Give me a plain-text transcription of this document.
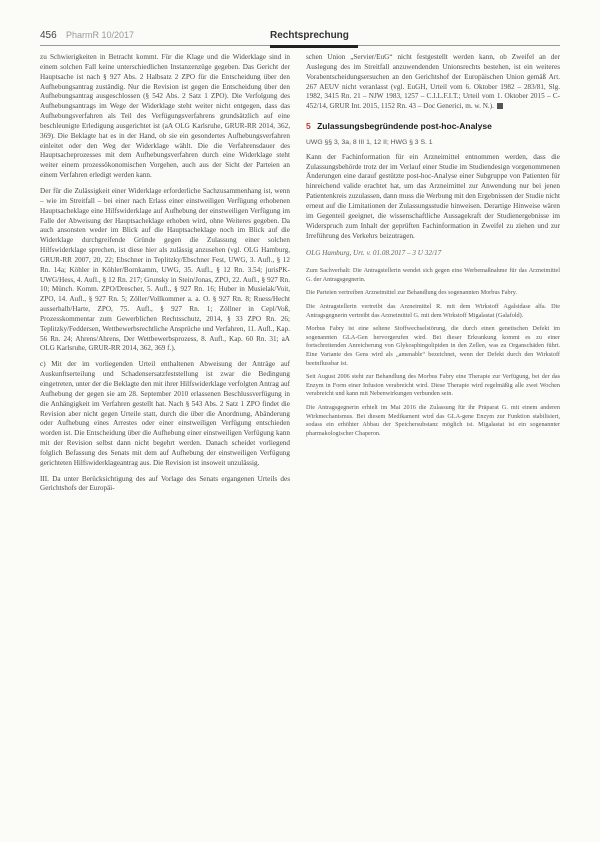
456 PharmR 10/2017	Rechtsprechung

zu Schwierigkeiten in Betracht kommt. Für die Klage und die Widerklage sind in einem solchen Fall keine unterschiedlichen Instanzenzüge gegeben. Das Gericht der Hauptsache ist nach § 927 Abs. 2 Halbsatz 2 ZPO für die Entscheidung über den Aufhebungsantrag zuständig. Nur die Revision ist gegen die Entscheidung über den Aufhebungsantrag ausgeschlossen (§ 542 Abs. 2 Satz 1 ZPO). Die Verfolgung des Aufhebungsantrags im Wege der Widerklage steht weiter nicht entgegen, dass das Aufhebungsverfahren als Teil des Verfügungsverfahrens grundsätzlich auf eine beschleunigte Erledigung ausgerichtet ist (aA OLG Karlsruhe, GRUR-RR 2014, 362, 369). Die Beklagte hat es in der Hand, ob sie ein gesondertes Aufhebungsverfahren einleitet oder den Weg der Widerklage wählt. Die die Verfahrensdauer des Hauptsacheprozesses mit dem Aufhebungsverfahren durch eine Widerklage steht weiter einem prozessökonomischen Vorgehen, auch aus der Sicht der Parteien an einem Verfahren erledigt werden kann.

Der für die Zulässigkeit einer Widerklage erforderliche Sachzusammenhang ist, wenn – wie im Streitfall – bei einer nach Erlass einer einstweiligen Verfügung erhobenen Hauptsacheklage eine Hilfswiderklage auf Aufhebung der einstweiligen Verfügung im Falle der Abweisung der Hauptsacheklage erhoben wird, ohne Weiteres gegeben. Da auch ansonsten weder im Blick auf die Hauptsacheklage noch im Blick auf die Widerklage durchgreifende Gründe gegen die Zulassung einer solchen Hilfswiderklage sprechen, ist diese hier als zulässig anzusehen (vgl. OLG Hamburg, GRUR-RR 2007, 20, 22; Ebschner in Teplitzky/Ebschner Fest, UWG, 3. Aufl., § 12 Rn. 14a; Köhler in Köhler/Bornkamm, UWG, 35. Aufl., § 12 Rn. 3.54; jurisPK-UWG/Hess, 4. Aufl., § 12 Rn. 217; Grunsky in Stein/Jonas, ZPO, 22. Aufl., § 927 Rn. 10; Münch. Komm. ZPO/Drescher, 5. Aufl., § 927 Rn. 16; Huber in Musielak/Voit, ZPO, 14. Aufl., § 927 Rn. 5; Zöller/Vollkommer a. a. O. § 927 Rn. 8; Ruess/Hecht ausserhalb/Harte, ZPO, 75. Aufl., § 927 Rn. 1; Zöllner in Cepl/Voß, Prozesskommentar zum Gewerblichen Rechtsschutz, 2014, § 33 ZPO Rn. 26; Teplitzky/Feddersen, Wettbewerbsrechtliche Ansprüche und Verfahren, 11. Aufl., Kap. 56 Rn. 24; Ahrens/Ahrens, Der Wettbewerbsprozess, 8. Aufl., Kap. 60 Rn. 31; aA OLG Karlsruhe, GRUR-RR 2014, 362, 369 f.).

c) Mit der im vorliegenden Urteil enthaltenen Abweisung der Anträge auf Auskunftserteilung und Schadensersatzfeststellung ist zwar die Bedingung eingetreten, unter der die Beklagte den mit ihrer Hilfswiderklage verfolgten Antrag auf Aufhebung der gegen sie am 28. September 2010 erlassenen Beschlussverfügung in die Anhängigkeit im Verfahren gestellt hat. Nach § 543 Abs. 2 Satz 1 ZPO findet die Revision aber nicht gegen Urteile statt, durch die über die Anordnung, Abänderung oder Aufhebung eines Arrestes oder einer einstweiligen Verfügung entschieden worden ist. Die Entscheidung über die Aufhebung einer einstweiligen Verfügung kann mit der Revision selbst dann nicht begehrt werden. Danach scheidet vorliegend folglich Befassung des Senats mit dem auf Aufhebung der einstweiligen Verfügung gerichteten Hilfswiderklageantrag aus. Die Revision ist insoweit unzulässig.

III. Da unter Berücksichtigung des auf Vorlage des Senats ergangenen Urteils des Gerichtshofs der Europäi-

schen Union „Servier/EuG“ nicht festgestellt werden kann, ob Zweifel an der Auslegung des im Streitfall anzuwendenden Unionsrechts bestehen, ist ein weiteres Vorabentscheidungsersuchen an den Gerichtshof der Europäischen Union gemäß Art. 267 AEUV nicht veranlasst (vgl. EuGH, Urteil vom 6. Oktober 1982 – 283/81, Slg. 1982, 3415 Rn. 21 – NJW 1983, 1257 – C.I.L.F.I.T.; Urteil vom 1. Oktober 2015 – C-452/14, GRUR Int. 2015, 1152 Rn. 43 – Doc Generici, m. w. N.).

5 Zulassungsbegründende post-hoc-Analyse
UWG §§ 3, 3a, 8 III 1, 12 II; HWG § 3 S. 1

Kann der Fachinformation für ein Arzneimittel entnommen werden, dass die Zulassungsbehörde trotz der im Verlauf einer Studie im Studiendesign vorgenommenen Änderungen eine darauf gestützte post-hoc-Analyse einer Subgruppe von Patienten für hinreichend valide erachtet hat, um das Arzneimittel zur Anwendung nur bei jenen Patientenkreis zuzulassen, dann muss die Werbung mit den Ergebnissen der Studie nicht erneut auf die Limitationen der Zulassungsstudie hinweisen. Derartige Hinweise wären im Gegenteil geeignet, die wissenschaftliche Aussagekraft der Studienergebnisse im Widerspruch zum Inhalt der geprüften Fachinformation in Zweifel zu ziehen und zur Irreführung des Verkehrs beizutragen.

OLG Hamburg, Urt. v. 01.08.2017 – 3 U 32/17

Zum Sachverhalt: Die Antragstellerin wendet sich gegen eine Werbemaßnahme für das Arzneimittel G. der Antragsgegnerin.

Die Parteien vertreiben Arzneimittel zur Behandlung des sogenannten Morbus Fabry.

Die Antragstellerin vertreibt das Arzneimittel R. mit dem Wirkstoff Agalsidase alfa. Die Antragsgegnerin vertreibt das Arzneimittel G. mit dem Wirkstoff Migalastat (Galafold).

Morbus Fabry ist eine seltene Stoffwechselstörung, die durch einen genetischen Defekt im sogenannten GLA-Gen hervorgerufen wird. Bei dieser Erkrankung kommt es zu einer fortschreitenden Anreicherung von Glykosphingolipiden in den Zellen, was zu Organschäden führt. Eine Variante des Gens wird als „amenable“ bezeichnet, wenn der Defekt durch den Wirkstoff beeinflussbar ist.

Seit August 2006 steht zur Behandlung des Morbus Fabry eine Therapie zur Verfügung, bei der das Enzym in Form einer Infusion verabreicht wird. Diese Therapie wird regelmäßig alle zwei Wochen verabreicht und kann mit Nebenwirkungen verbunden sein.

Die Antragsgegnerin erhielt im Mai 2016 die Zulassung für ihr Präparat G. mit einem anderen Wirkmechanismus. Bei diesem Medikament wird das GLA-gene Enzym zur Funktion stabilisiert, sodass ein erhöhter Abbau der Speichersubstanz möglich ist. Migalastat ist ein sogenannter pharmakologischer Chaperon.
